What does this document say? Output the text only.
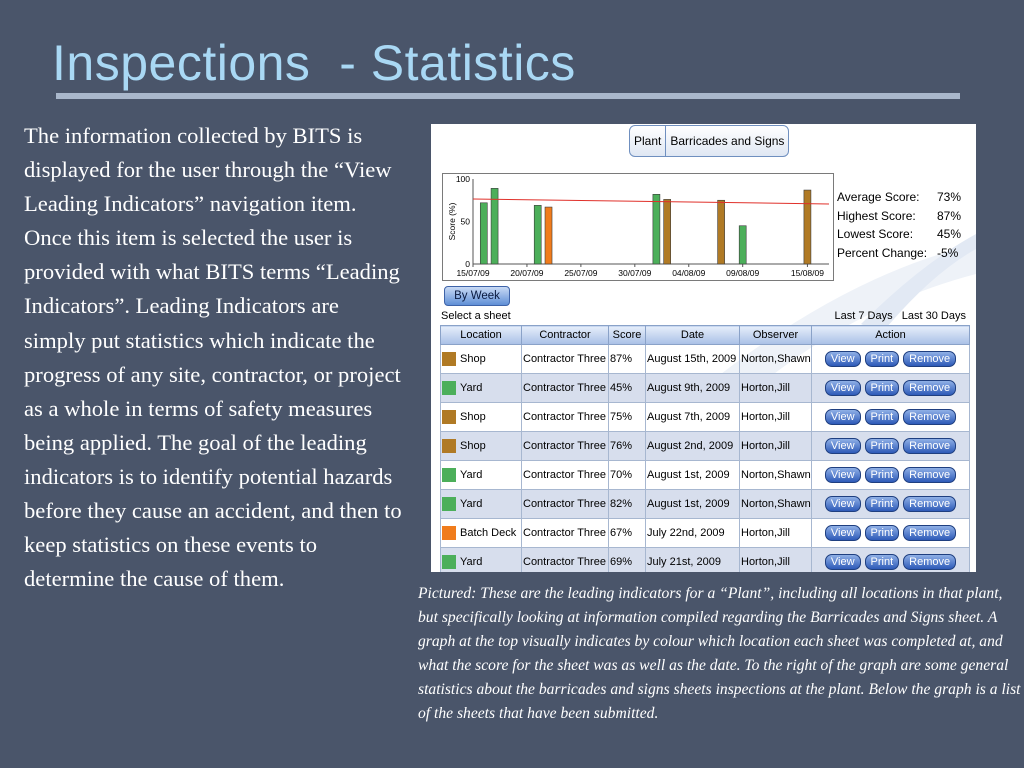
Inspections  - Statistics

The information collected by BITS is displayed for the user through the “View Leading Indicators” navigation item. Once this item is selected the user is provided with what BITS terms “Leading Indicators”. Leading Indicators are simply put statistics which indicate the progress of any site, contractor, or project as a whole in terms of safety measures being applied. The goal of the leading indicators is to identify potential hazards before they cause an accident, and then to keep statistics on these events to determine the cause of them.

Plant Barricades and Signs
Score (%)
0
50
100
15/07/09 20/07/09 25/07/09 30/07/09 04/08/09 09/08/09	15/08/09
Average Score:	73%
Highest Score:	87%
Lowest Score:	45%
Percent Change: -5%
By Week
Select a sheet	Last 7 Days Last 30 Days
Location	Contractor	Score	Date	Observer	Action

Shop	Contractor Three	87%	August 15th, 2009	Norton,Shawn	View Print Remove

Yard	Contractor Three	45%	August 9th, 2009	Horton,Jill	View Print Remove

Shop	Contractor Three	75%	August 7th, 2009	Horton,Jill	View Print Remove

Shop	Contractor Three	76%	August 2nd, 2009	Horton,Jill	View Print Remove

Yard	Contractor Three	70%	August 1st, 2009	Norton,Shawn	View Print Remove

Yard	Contractor Three	82%	August 1st, 2009	Norton,Shawn	View Print Remove

Batch Deck	Contractor Three	67%	July 22nd, 2009	Horton,Jill	View Print Remove

Yard	Contractor Three	69%	July 21st, 2009	Horton,Jill	View Print Remove

Pictured: These are the leading indicators for a “Plant”, including all locations in that plant, but specifically looking at information compiled regarding the Barricades and Signs sheet. A graph at the top visually indicates by colour which location each sheet was completed at, and what the score for the sheet was as well as the date. To the right of the graph are some general statistics about the barricades and signs sheets inspections at the plant. Below the graph is a list of the sheets that have been submitted.
